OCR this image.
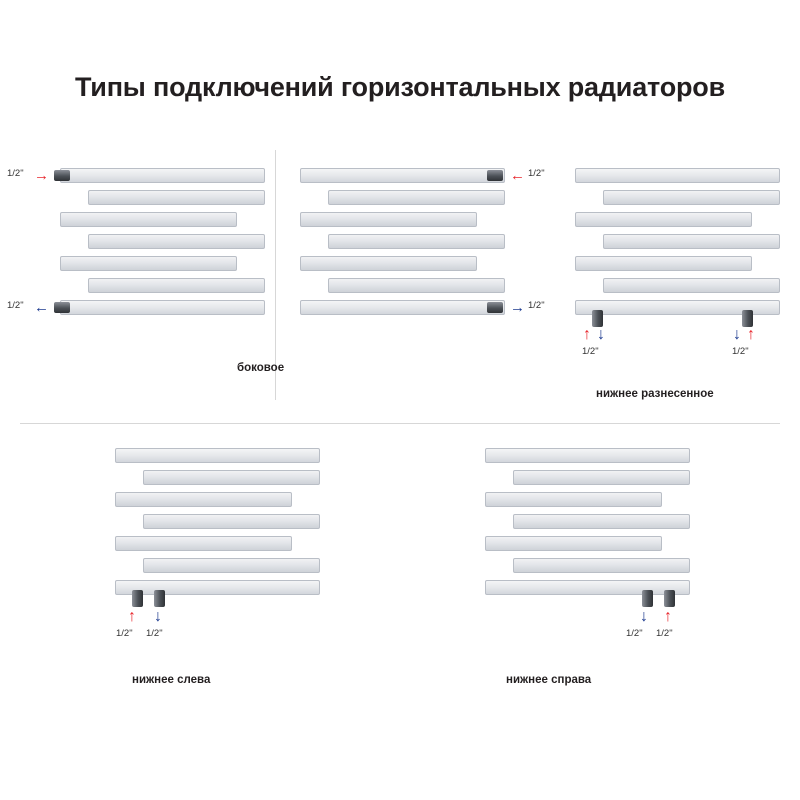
Типы подключений горизонтальных радиаторов
→
1/2"
←
1/2"
боковое
← 1/2"
→ 1/2"
↑ ↓
1/2"
↓ ↑
1/2"
нижнее разнесенное
↑ ↓
1/2" 1/2"
нижнее слева
↓ ↑
1/2" 1/2"
нижнее справа
